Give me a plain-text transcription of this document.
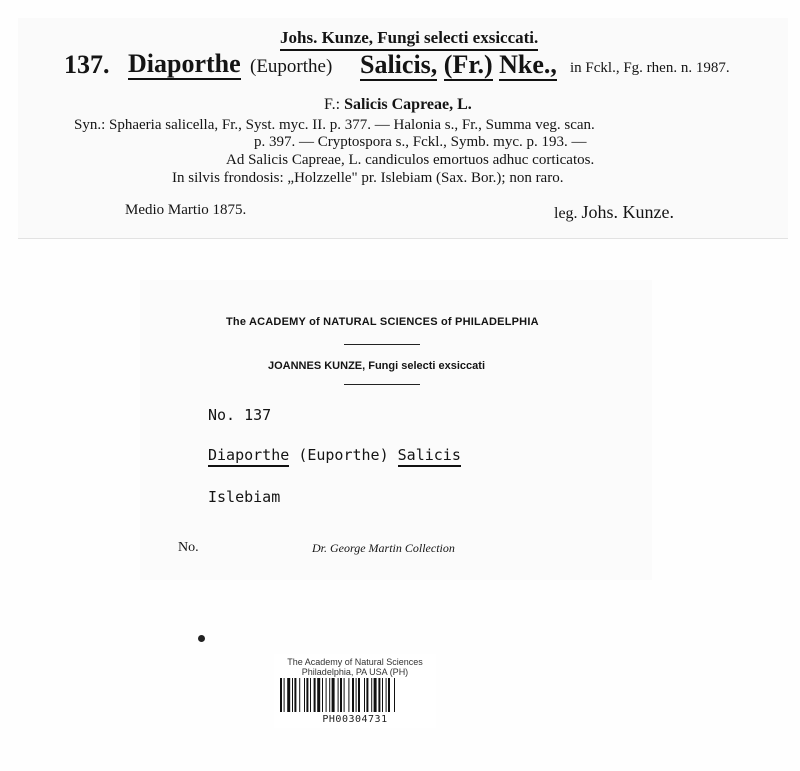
Johs. Kunze, Fungi selecti exsiccati.
137. Diaporthe (Euporthe) Salicis, (Fr.) Nke., in Fckl., Fg. rhen. n. 1987.
F.: Salicis Capreae, L.
Syn.: Sphaeria salicella, Fr., Syst. myc. II. p. 377. — Halonia s., Fr., Summa veg. scan.
p. 397. — Cryptospora s., Fckl., Symb. myc. p. 193. —
Ad Salicis Capreae, L. candiculos emortuos adhuc corticatos.
In silvis frondosis: „Holzzelle" pr. Islebiam (Sax. Bor.); non raro.
Medio Martio 1875.	leg. Johs. Kunze.
The ACADEMY of NATURAL SCIENCES of PHILADELPHIA
JOANNES KUNZE, Fungi selecti exsiccati
No. 137
Diaporthe (Euporthe) Salicis
Islebiam
No.	Dr. George Martin Collection
The Academy of Natural Sciences
Philadelphia, PA USA (PH)
PH00304731
